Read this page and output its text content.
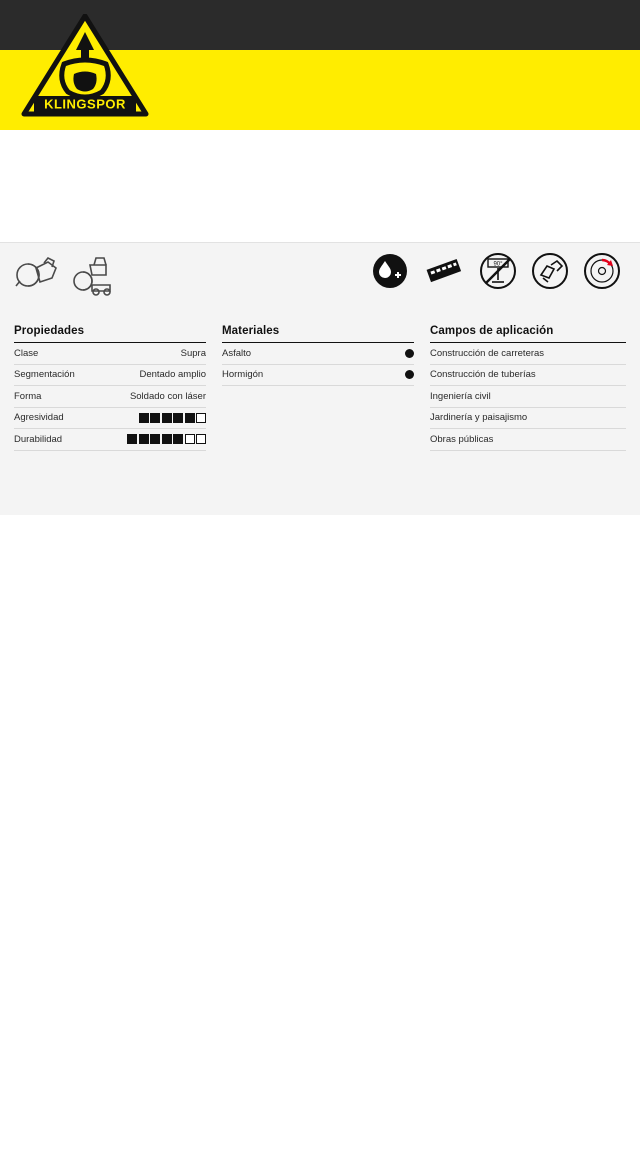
KLINGSPOR
90°
Propiedades
Clase	Supra
Segmentación	Dentado amplio
Forma	Soldado con láser
Agresividad
Durabilidad
Materiales
Asfalto
Hormigón
Campos de aplicación
Construcción de carreteras
Construcción de tuberías
Ingeniería civil
Jardinería y paisajismo
Obras públicas
